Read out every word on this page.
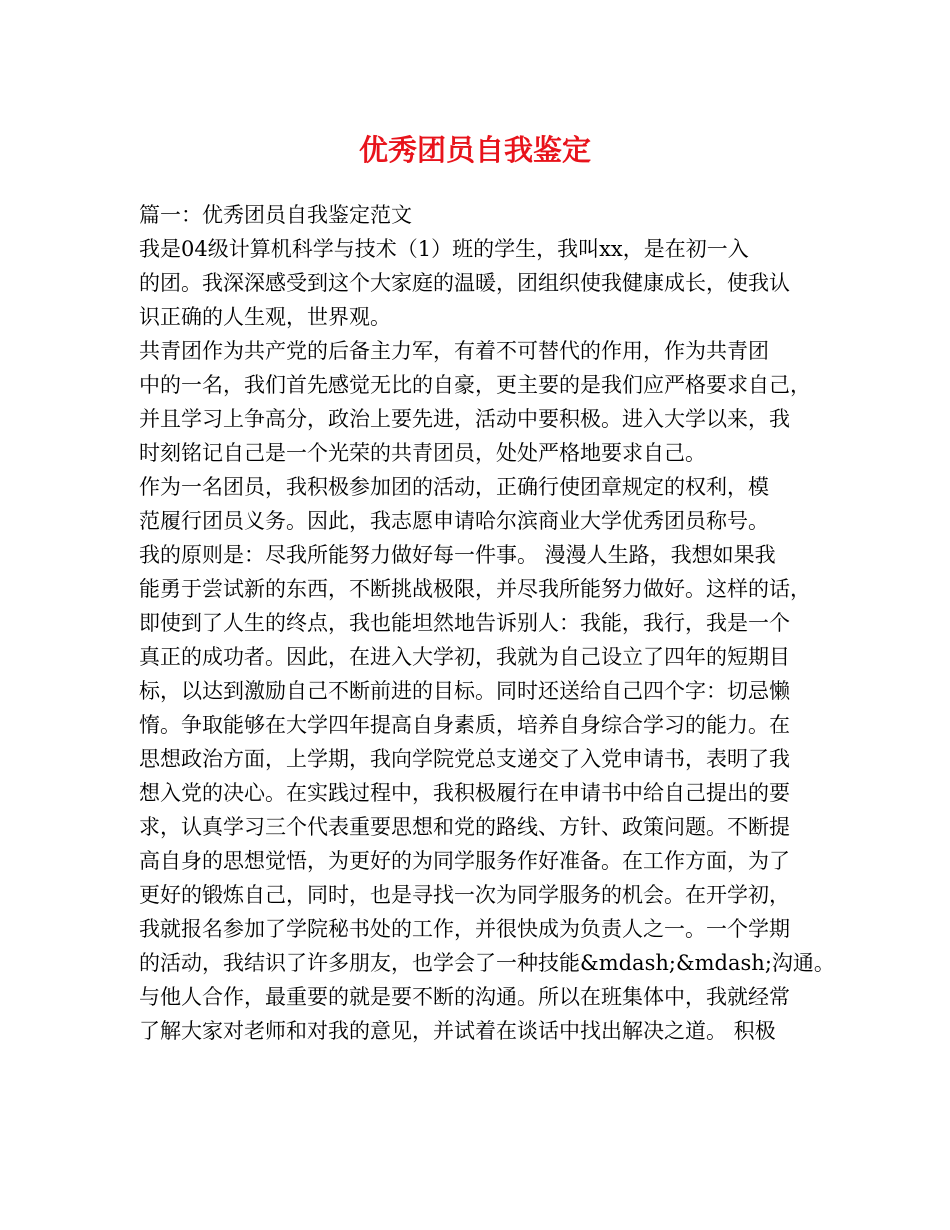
优秀团员自我鉴定
篇一：优秀团员自我鉴定范文
我是04级计算机科学与技术（1）班的学生，我叫xx，是在初一入
的团。我深深感受到这个大家庭的温暖，团组织使我健康成长，使我认
识正确的人生观，世界观。
共青团作为共产党的后备主力军，有着不可替代的作用，作为共青团
中的一名，我们首先感觉无比的自豪，更主要的是我们应严格要求自己，
并且学习上争高分，政治上要先进，活动中要积极。进入大学以来，我
时刻铭记自己是一个光荣的共青团员，处处严格地要求自己。
作为一名团员，我积极参加团的活动，正确行使团章规定的权利，模
范履行团员义务。因此，我志愿申请哈尔滨商业大学优秀团员称号。
我的原则是：尽我所能努力做好每一件事。 漫漫人生路，我想如果我
能勇于尝试新的东西，不断挑战极限，并尽我所能努力做好。这样的话，
即使到了人生的终点，我也能坦然地告诉别人：我能，我行，我是一个
真正的成功者。因此，在进入大学初，我就为自己设立了四年的短期目
标，以达到激励自己不断前进的目标。同时还送给自己四个字：切忌懒
惰。争取能够在大学四年提高自身素质，培养自身综合学习的能力。在
思想政治方面，上学期，我向学院党总支递交了入党申请书，表明了我
想入党的决心。在实践过程中，我积极履行在申请书中给自己提出的要
求，认真学习三个代表重要思想和党的路线、方针、政策问题。不断提
高自身的思想觉悟，为更好的为同学服务作好准备。在工作方面，为了
更好的锻炼自己，同时，也是寻找一次为同学服务的机会。在开学初，
我就报名参加了学院秘书处的工作，并很快成为负责人之一。一个学期
的活动，我结识了许多朋友，也学会了一种技能&mdash;&mdash;沟通。
与他人合作，最重要的就是要不断的沟通。所以在班集体中，我就经常
了解大家对老师和对我的意见，并试着在谈话中找出解决之道。 积极
